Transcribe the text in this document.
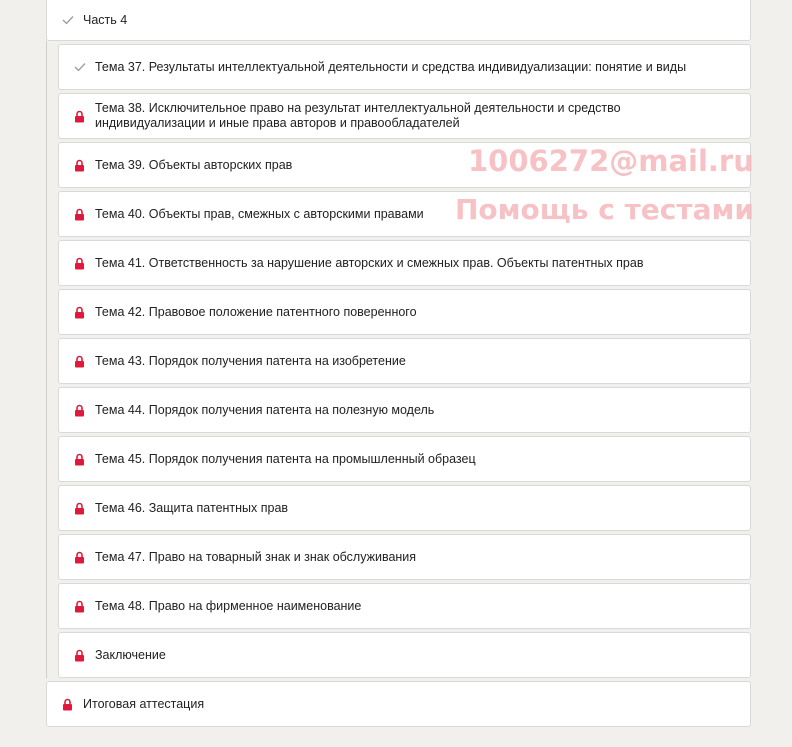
Часть 4
Тема 37. Результаты интеллектуальной деятельности и средства индивидуализации: понятие и виды
Тема 38. Исключительное право на результат интеллектуальной деятельности и средство индивидуализации и иные права авторов и правообладателей
Тема 39. Объекты авторских прав
Тема 40. Объекты прав, смежных с авторскими правами
Тема 41. Ответственность за нарушение авторских и смежных прав. Объекты патентных прав
Тема 42. Правовое положение патентного поверенного
Тема 43. Порядок получения патента на изобретение
Тема 44. Порядок получения патента на полезную модель
Тема 45. Порядок получения патента на промышленный образец
Тема 46. Защита патентных прав
Тема 47. Право на товарный знак и знак обслуживания
Тема 48. Право на фирменное наименование
Заключение
Итоговая аттестация
1006272@mail.ru
Помощь с тестами
